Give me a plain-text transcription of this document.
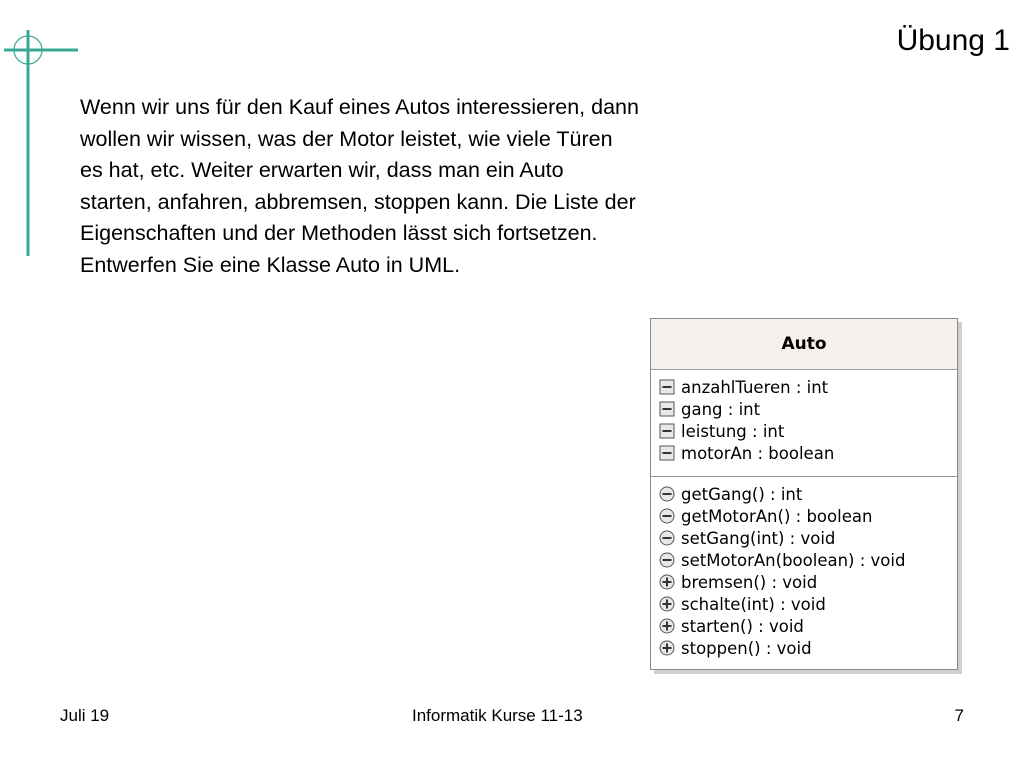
Übung 1
Wenn wir uns für den Kauf eines Autos interessieren, dann wollen wir wissen, was der Motor leistet, wie viele Türen es hat, etc. Weiter erwarten wir, dass man ein Auto starten, anfahren, abbremsen, stoppen kann. Die Liste der Eigenschaften und der Methoden lässt sich fortsetzen. Entwerfen Sie eine Klasse Auto in UML.
Auto
anzahlTueren : int
gang : int
leistung : int
motorAn : boolean
getGang() : int
getMotorAn() : boolean
setGang(int) : void
setMotorAn(boolean) : void
bremsen() : void
schalte(int) : void
starten() : void
stoppen() : void
Juli 19	Informatik Kurse 11-13	7
